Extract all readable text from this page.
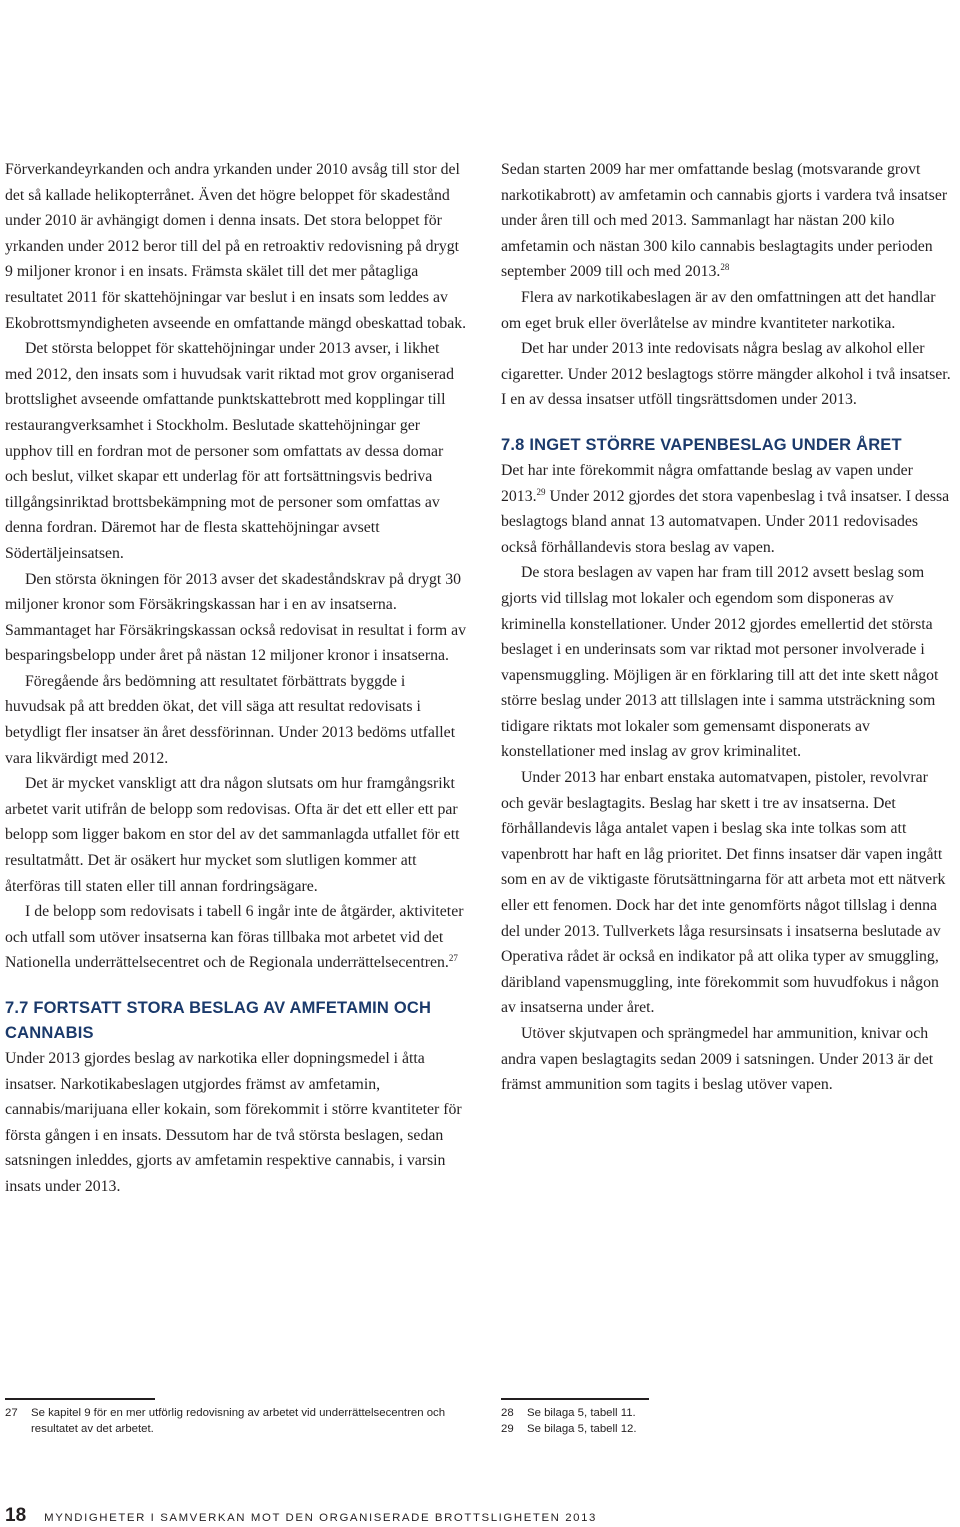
Förverkandeyrkanden och andra yrkanden under 2010 avsåg till stor del det så kallade helikopterrånet. Även det högre beloppet för skadestånd under 2010 är avhängigt domen i denna insats. Det stora beloppet för yrkanden under 2012 beror till del på en retroaktiv redovisning på drygt 9 miljoner kronor i en insats. Främsta skälet till det mer påtagliga resultatet 2011 för skattehöjningar var beslut i en insats som leddes av Ekobrottsmyndigheten avseende en omfattande mängd obeskattad tobak.

Det största beloppet för skattehöjningar under 2013 avser, i likhet med 2012, den insats som i huvudsak varit riktad mot grov organiserad brottslighet avseende omfattande punktskattebrott med kopplingar till restaurangverksamhet i Stockholm. Beslutade skattehöjningar ger upphov till en fordran mot de personer som omfattats av dessa domar och beslut, vilket skapar ett underlag för att fortsättningsvis bedriva tillgångsinriktad brottsbekämpning mot de personer som omfattas av denna fordran. Däremot har de flesta skattehöjningar avsett Södertäljeinsatsen.

Den största ökningen för 2013 avser det skadeståndskrav på drygt 30 miljoner kronor som Försäkringskassan har i en av insatserna. Sammantaget har Försäkringskassan också redovisat in resultat i form av besparingsbelopp under året på nästan 12 miljoner kronor i insatserna.

Föregående års bedömning att resultatet förbättrats byggde i huvudsak på att bredden ökat, det vill säga att resultat redovisats i betydligt fler insatser än året dessförinnan. Under 2013 bedöms utfallet vara likvärdigt med 2012.

Det är mycket vanskligt att dra någon slutsats om hur framgångsrikt arbetet varit utifrån de belopp som redovisas. Ofta är det ett eller ett par belopp som ligger bakom en stor del av det sammanlagda utfallet för ett resultatmått. Det är osäkert hur mycket som slutligen kommer att återföras till staten eller till annan fordringsägare.

I de belopp som redovisats i tabell 6 ingår inte de åtgärder, aktiviteter och utfall som utöver insatserna kan föras tillbaka mot arbetet vid det Nationella underrättelsecentret och de Regionala underrättelsecentren.$^{27}$

7.7 FORTSATT STORA BESLAG AV AMFETAMIN OCH CANNABIS

Under 2013 gjordes beslag av narkotika eller dopningsmedel i åtta insatser. Narkotikabeslagen utgjordes främst av amfetamin, cannabis/marijuana eller kokain, som förekommit i större kvantiteter för första gången i en insats. Dessutom har de två största beslagen, sedan satsningen inleddes, gjorts av amfetamin respektive cannabis, i varsin insats under 2013.

Sedan starten 2009 har mer omfattande beslag (motsvarande grovt narkotikabrott) av amfetamin och cannabis gjorts i vardera två insatser under åren till och med 2013. Sammanlagt har nästan 200 kilo amfetamin och nästan 300 kilo cannabis beslagtagits under perioden september 2009 till och med 2013.28

Flera av narkotikabeslagen är av den omfattningen att det handlar om eget bruk eller överlåtelse av mindre kvantiteter narkotika.

Det har under 2013 inte redovisats några beslag av alkohol eller cigaretter. Under 2012 beslagtogs större mängder alkohol i två insatser. I en av dessa insatser utföll tingsrättsdomen under 2013.

7.8 INGET STÖRRE VAPENBESLAG UNDER ÅRET

Det har inte förekommit några omfattande beslag av vapen under 2013.29 Under 2012 gjordes det stora vapenbeslag i två insatser. I dessa beslagtogs bland annat 13 automatvapen. Under 2011 redovisades också förhållandevis stora beslag av vapen.

De stora beslagen av vapen har fram till 2012 avsett beslag som gjorts vid tillslag mot lokaler och egendom som disponeras av kriminella konstellationer. Under 2012 gjordes emellertid det största beslaget i en underinsats som var riktad mot personer involverade i vapensmuggling. Möjligen är en förklaring till att det inte skett något större beslag under 2013 att tillslagen inte i samma utsträckning som tidigare riktats mot lokaler som gemensamt disponerats av konstellationer med inslag av grov kriminalitet.

Under 2013 har enbart enstaka automatvapen, pistoler, revolvrar och gevär beslagtagits. Beslag har skett i tre av insatserna. Det förhållandevis låga antalet vapen i beslag ska inte tolkas som att vapenbrott har haft en låg prioritet. Det finns insatser där vapen ingått som en av de viktigaste förutsättningarna för att arbeta mot ett nätverk eller ett fenomen. Dock har det inte genomförts något tillslag i denna del under 2013. Tullverkets låga resursinsats i insatserna beslutade av Operativa rådet är också en indikator på att olika typer av smuggling, däribland vapensmuggling, inte förekommit som huvudfokus i någon av insatserna under året.

Utöver skjutvapen och sprängmedel har ammunition, knivar och andra vapen beslagtagits sedan 2009 i satsningen. Under 2013 är det främst ammunition som tagits i beslag utöver vapen.

27	Se kapitel 9 för en mer utförlig redovisning av arbetet vid underrättelsecentren och resultatet av det arbetet.
28	Se bilaga 5, tabell 11.
29	Se bilaga 5, tabell 12.
18 MYNDIGHETER I SAMVERKAN MOT DEN ORGANISERADE BROTTSLIGHETEN 2013
